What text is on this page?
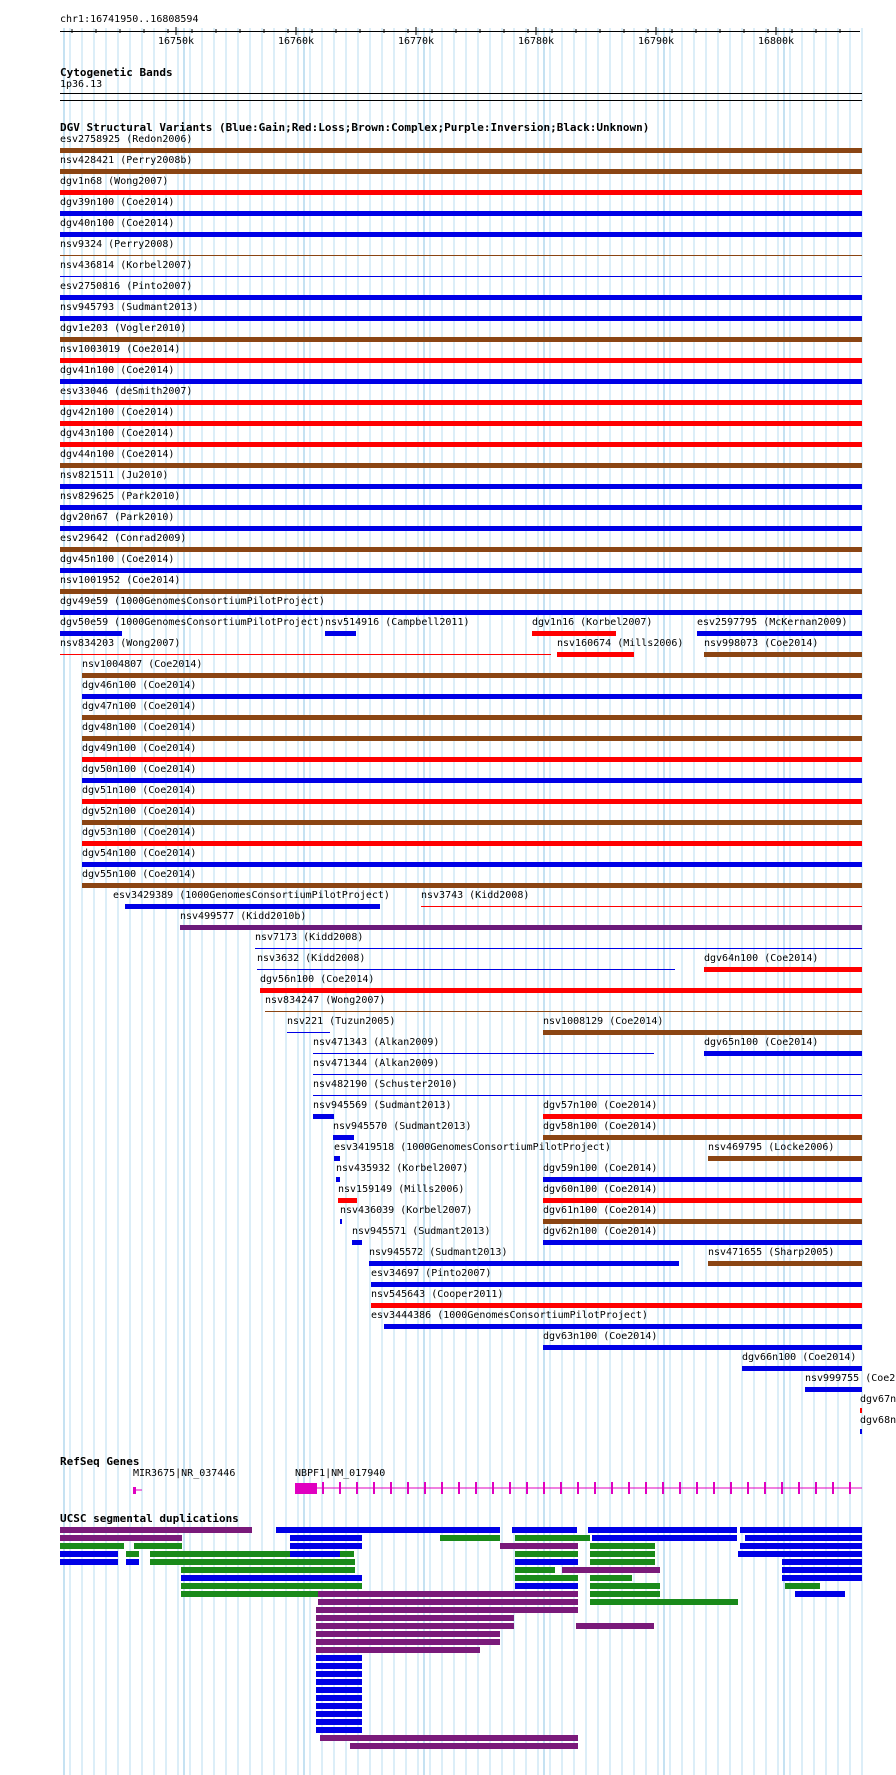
chr1:16741950..16808594
Cytogenetic Bands
1p36.13
DGV Structural Variants (Blue:Gain;Red:Loss;Brown:Complex;Purple:Inversion;Black:Unknown)
RefSeq Genes
MIR3675|NR_037446	NBPF1|NM_017940
UCSC segmental duplications
16750k	16760k	16770k	16780k	16790k	16800k
esv2758925 (Redon2006)
nsv428421 (Perry2008b)
dgv1n68 (Wong2007)
dgv39n100 (Coe2014)
dgv40n100 (Coe2014)
nsv9324 (Perry2008)
nsv436814 (Korbel2007)
esv2750816 (Pinto2007)
nsv945793 (Sudmant2013)
dgv1e203 (Vogler2010)
nsv1003019 (Coe2014)
dgv41n100 (Coe2014)
esv33046 (deSmith2007)
dgv42n100 (Coe2014)
dgv43n100 (Coe2014)
dgv44n100 (Coe2014)
nsv821511 (Ju2010)
nsv829625 (Park2010)
dgv20n67 (Park2010)
esv29642 (Conrad2009)
dgv45n100 (Coe2014)
nsv1001952 (Coe2014)
dgv49e59 (1000GenomesConsortiumPilotProject)
dgv50e59 (1000GenomesConsortiumPilotProject) nsv514916 (Campbell2011)	dgv1n16 (Korbel2007)	esv2597795 (McKernan2009)
nsv834203 (Wong2007)	nsv160674 (Mills2006) nsv998073 (Coe2014)
nsv1004807 (Coe2014)
dgv46n100 (Coe2014)
dgv47n100 (Coe2014)
dgv48n100 (Coe2014)
dgv49n100 (Coe2014)
dgv50n100 (Coe2014)
dgv51n100 (Coe2014)
dgv52n100 (Coe2014)
dgv53n100 (Coe2014)
dgv54n100 (Coe2014)
dgv55n100 (Coe2014)
esv3429389 (1000GenomesConsortiumPilotProject)	nsv3743 (Kidd2008)
nsv499577 (Kidd2010b)
nsv7173 (Kidd2008)
nsv3632 (Kidd2008)	dgv64n100 (Coe2014)
dgv56n100 (Coe2014)
nsv834247 (Wong2007)
nsv221 (Tuzun2005)	nsv1008129 (Coe2014)
nsv471343 (Alkan2009)	dgv65n100 (Coe2014)
nsv471344 (Alkan2009)
nsv482190 (Schuster2010)
nsv945569 (Sudmant2013)	dgv57n100 (Coe2014)
nsv945570 (Sudmant2013)	dgv58n100 (Coe2014)
esv3419518 (1000GenomesConsortiumPilotProject)	nsv469795 (Locke2006)
nsv435932 (Korbel2007)	dgv59n100 (Coe2014)
nsv159149 (Mills2006)	dgv60n100 (Coe2014)
nsv436039 (Korbel2007)	dgv61n100 (Coe2014)
nsv945571 (Sudmant2013)	dgv62n100 (Coe2014)
nsv945572 (Sudmant2013)	nsv471655 (Sharp2005)
esv34697 (Pinto2007)
nsv545643 (Cooper2011)
esv3444386 (1000GenomesConsortiumPilotProject)
dgv63n100 (Coe2014)
dgv66n100 (Coe2014)
nsv999755 (Coe2
dgv67n
dgv68n
